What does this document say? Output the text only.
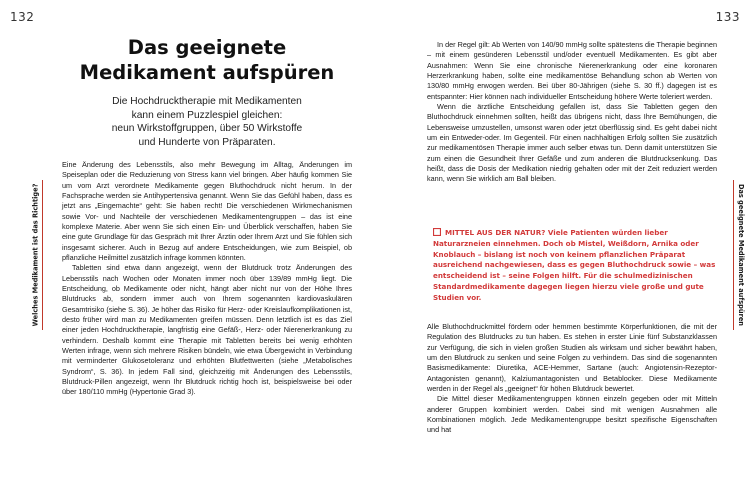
132
Welches Medikament ist das Richtige?
Das geeignete
Medikament aufspüren

Die Hochdrucktherapie mit Medikamenten
kann einem Puzzlespiel gleichen:
neun Wirkstoffgruppen, über 50 Wirkstoffe
und Hunderte von Präparaten.

Eine Änderung des Lebensstils, also mehr Bewegung im Alltag, Änderungen im Speiseplan oder die Reduzierung von Stress kann viel bringen. Aber häufig kommen Sie um vom Arzt verordnete Medikamente gegen Bluthochdruck nicht herum. In der Fachsprache werden sie Antihypertensiva genannt. Wenn Sie das Gefühl haben, dass es jetzt ans „Eingemachte“ geht: Sie haben recht! Die verschiedenen Wirkmechanismen sowie Vor- und Nachteile der verschiedenen Medikamentengruppen – das ist eine komplexe Materie. Aber wenn Sie sich einen Ein- und Überblick verschaffen, haben Sie eine gute Grundlage für das Gespräch mit Ihrer Ärztin oder Ihrem Arzt und Sie fühlen sich insgesamt sicherer. Auch in Bezug auf andere Entscheidungen, wie zum Beispiel, ob pflanzliche Heilmittel zusätzlich infrage kommen könnten.

Tabletten sind etwa dann angezeigt, wenn der Blutdruck trotz Änderungen des Lebensstils nach Wochen oder Monaten immer noch über 139/89 mmHg liegt. Die Entscheidung, ob Medikamente oder nicht, hängt aber nicht nur von der Höhe Ihres Blutdrucks ab, sondern immer auch von Ihrem sogenannten kardiovaskulären Gesamtrisiko (siehe S. 36). Je höher das Risiko für Herz- oder Kreislaufkomplikationen ist, desto früher wird man zu Medikamenten greifen müssen. Denn letztlich ist es das Ziel einer jeden Hochdrucktherapie, langfristig eine Gefäß-, Herz- oder Nierenerkrankung zu verhindern. Deshalb kommt eine Therapie mit Tabletten bereits bei wenig erhöhten Werten infrage, wenn sich mehrere Risiken bündeln, wie etwa Übergewicht in Verbindung mit verminderter Glukosetoleranz und erhöhten Blutfettwerten (siehe „Metabolisches Syndrom“, S. 36). In jedem Fall sind, gleichzeitig mit Änderungen des Lebensstils, Blutdruck-Pillen angezeigt, wenn Ihr Blutdruck richtig hoch ist, beispielsweise bei oder über 180/110 mmHg (Hypertonie Grad 3).

133
Das geeignete Medikament aufspüren

In der Regel gilt: Ab Werten von 140/90 mmHg sollte spätestens die Therapie beginnen – mit einem gesünderen Lebensstil und/oder eventuell Medikamenten. Es gibt aber Ausnahmen: Wenn Sie eine chronische Nierenerkrankung oder eine koronaren Herzerkrankung haben, sollte eine medikamentöse Behandlung schon ab Werten von 130/80 mmHg erwogen werden. Bei über 80-Jährigen (siehe S. 30 ff.) dagegen ist es entspannter: Hier können nach individueller Entscheidung höhere Werte toleriert werden.

Wenn die ärztliche Entscheidung gefallen ist, dass Sie Tabletten gegen den Bluthochdruck einnehmen sollten, heißt das übrigens nicht, dass Ihre Bemühungen, die Lebensweise umzustellen, umsonst waren oder jetzt überflüssig sind. Es geht dabei nicht um ein Entweder-oder. Im Gegenteil. Für einen nachhaltigen Erfolg sollten Sie zusätzlich zur medikamentösen Therapie immer auch selber etwas tun. Denn damit unterstützen Sie zum einen die Gesundheit Ihrer Gefäße und zum anderen die Blutdrucksenkung. Das heißt, dass die Dosis der Medikation niedrig gehalten oder mit der Zeit reduziert werden kann, wenn Sie wirklich am Ball bleiben.

MITTEL AUS DER NATUR? Viele Patienten würden lieber Naturarzneien einnehmen. Doch ob Mistel, Weißdorn, Arnika oder Knoblauch – bislang ist noch von keinem pflanzlichen Präparat ausreichend nachgewiesen, dass es gegen Bluthochdruck sowie – was entscheidend ist – seine Folgen hilft. Für die schulmedizinischen Standardmedikamente dagegen liegen hierzu viele große und gute Studien vor.

Alle Bluthochdruckmittel fördern oder hemmen bestimmte Körperfunktionen, die mit der Regulation des Blutdrucks zu tun haben. Es stehen in erster Linie fünf Substanzklassen zur Verfügung, die sich in vielen großen Studien als wirksam und sicher bewährt haben, um den Blutdruck zu senken und seine Folgen zu verhindern. Das sind die sogenannten Basismedikamente: Diuretika, ACE-Hemmer, Sartane (auch: Angiotensin-Rezeptor-Antagonisten genannt), Kalziumantagonisten und Betablocker. Diese Medikamente werden in der Regel als „geeignet“ für höhen Blutdruck bewertet.

Die Mittel dieser Medikamentengruppen können einzeln gegeben oder mit Mitteln anderer Gruppen kombiniert werden. Dabei sind mit wenigen Ausnahmen alle Kombinationen möglich. Jede Medikamentengruppe besitzt spezifische Eigenschaften und hat
